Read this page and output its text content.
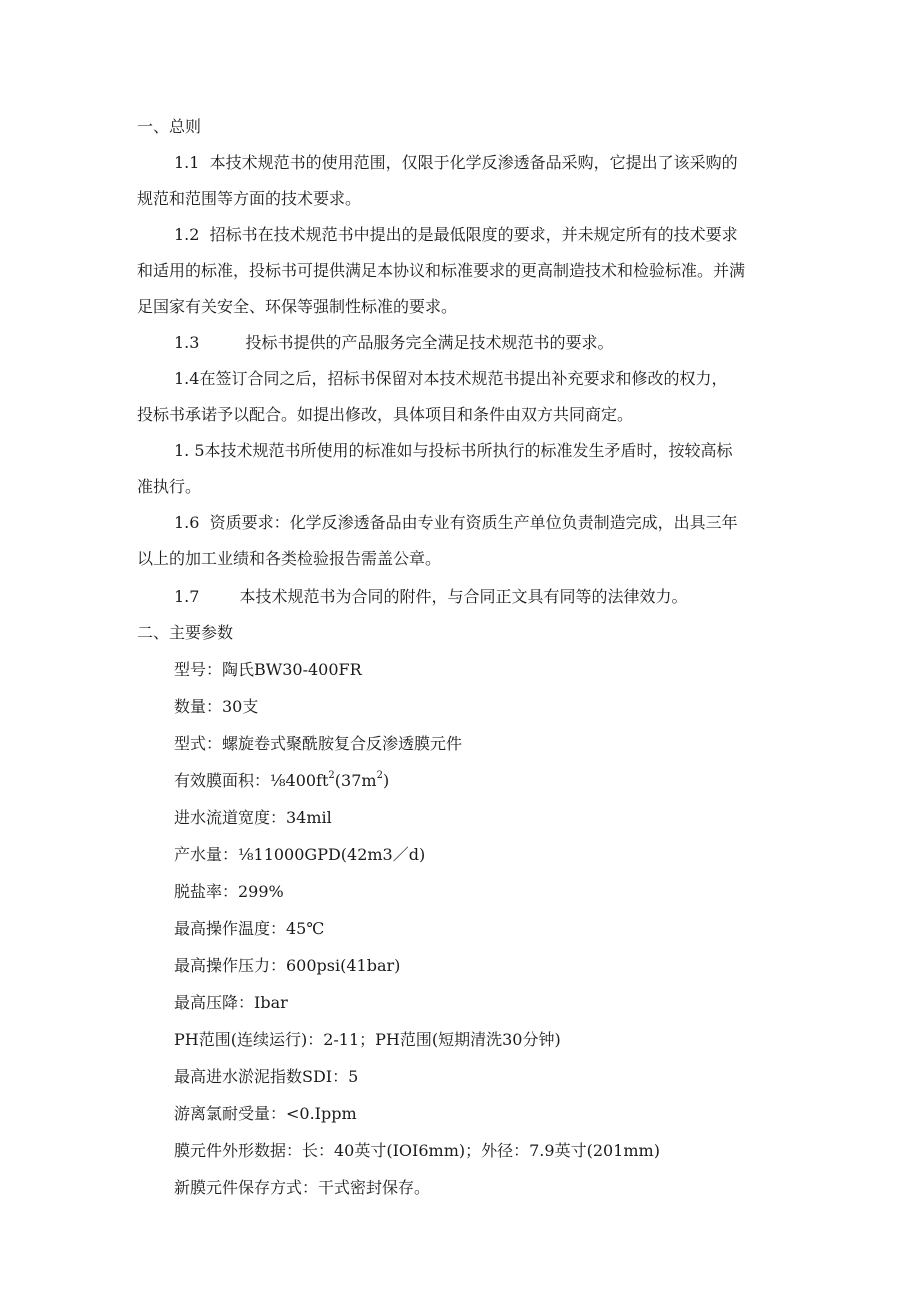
一、总则
1.1 本技术规范书的使用范围，仅限于化学反渗透备品采购，它提出了该采购的
规范和范围等方面的技术要求。
1.2 招标书在技术规范书中提出的是最低限度的要求，并未规定所有的技术要求
和适用的标准，投标书可提供满足本协议和标准要求的更高制造技术和检验标准。并满
足国家有关安全、环保等强制性标准的要求。
1.3	投标书提供的产品服务完全满足技术规范书的要求。
1.4在签订合同之后，招标书保留对本技术规范书提出补充要求和修改的权力，
投标书承诺予以配合。如提出修改，具体项目和条件由双方共同商定。
1. 5本技术规范书所使用的标准如与投标书所执行的标准发生矛盾时，按较高标
准执行。
1.6 资质要求：化学反渗透备品由专业有资质生产单位负责制造完成，出具三年
以上的加工业绩和各类检验报告需盖公章。
1.7	本技术规范书为合同的附件，与合同正文具有同等的法律效力。
二、主要参数
型号：陶氏BW30-400FR
数量：30支
型式：螺旋卷式聚酰胺复合反渗透膜元件
有效膜面积：$\frac{1}{8}400ft^2(37m^2)$
进水流道宽度：34mil
产水量：⅛11000GPD(42m3／d)
脱盐率：299%
最高操作温度：45℃
最高操作压力：600psi(41bar)
最高压降：Ibar
PH范围(连续运行)：2-11；PH范围(短期清洗30分钟)
最高进水淤泥指数SDI：5
游离氯耐受量：<0.Ippm
膜元件外形数据：长：40英寸(IOI6mm)；外径：7.9英寸(201mm)
新膜元件保存方式：干式密封保存。
